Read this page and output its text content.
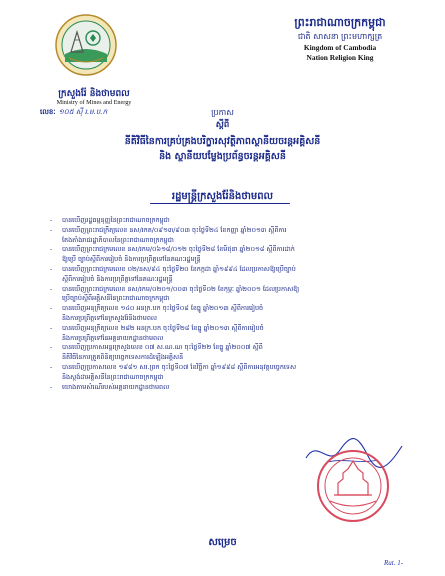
ក្រសួងរ៉ែ និងថាមពល
Ministry of Mines and Energy
លេខៈ ១០៥ ស៊ី រ.ម.ប.ក
ព្រះរាជាណាចក្រកម្ពុជា
ជាតិ សាសនា ព្រះមហាក្សត្រ
Kingdom of Cambodia
Nation Religion King
ប្រកាស
ស្តីពី
នីតិវិធីនៃការគ្រប់គ្រងបរិក្ខារសុវត្ថិភាពស្ថានីយចរន្តអគ្គិសនី
និង ស្ថានីយបម្លែងប្រព័ន្ធចរន្តអគ្គិសនី
រដ្ឋមន្ត្រីក្រសួងរ៉ែនិងថាមពល
- បានឃើញរដ្ឋធម្មនុញ្ញនៃព្រះរាជាណាចក្រកម្ពុជា
- បានឃើញព្រះរាជក្រឹត្យលេខ នស/រកត/០៩១៣/៩០៣ ចុះថ្ងៃទី២៤ ខែកញ្ញា ឆ្នាំ២០១៣ ស្តីពីការ
តែងតាំងរាជរដ្ឋាភិបាលនៃព្រះរាជាណាចក្រកម្ពុជា
- បានឃើញព្រះរាជក្រមលេខ នស/រកម/០៦១៨/០១២ ចុះថ្ងៃទី២៨ ខែមិថុនា ឆ្នាំ២០១៨ ស្តីពីការដាក់
ឱ្យប្រើ ច្បាប់ស្តីពីការរៀបចំ និងការប្រព្រឹត្តទៅនៃគណៈរដ្ឋមន្ត្រី
- បានឃើញព្រះរាជក្រមលេខ ០២/នស/៩៤ ចុះថ្ងៃទី២០ ខែកក្កដា ឆ្នាំ១៩៩៤ ដែលប្រកាសឱ្យប្រើច្បាប់
ស្តីពីការរៀបចំ និងការប្រព្រឹត្តទៅនៃគណៈរដ្ឋមន្ត្រី
- បានឃើញព្រះរាជក្រមលេខ នស/រកម/០២០១/០០៣ ចុះថ្ងៃទី០២ ខែកុម្ភៈ ឆ្នាំ២០០១ ដែលប្រកាសឱ្យ
ប្រើច្បាប់ស្តីពីអគ្គិសនីនៃព្រះរាជាណាចក្រកម្ពុជា
- បានឃើញអនុក្រឹត្យលេខ ១៤០ អនក្រ.បក ចុះថ្ងៃទី០៨ ខែធ្នូ ឆ្នាំ២០១៣ ស្តីពីការរៀបចំ
និងការប្រព្រឹត្តទៅនៃក្រសួងរ៉ែនិងថាមពល
- បានឃើញអនុក្រឹត្យលេខ ២៨២ អនក្រ.បក ចុះថ្ងៃទី២៨ ខែធ្នូ ឆ្នាំ២០១៣ ស្តីពីការរៀបចំ
និងការប្រព្រឹត្តទៅនៃអគ្គនាយកដ្ឋានថាមពល
- បានឃើញប្រកាសអន្តរក្រសួងលេខ ០៧ ស.ណ.ណ ចុះថ្ងៃទី២២ ខែធ្នូ ឆ្នាំ២០០៧ ស្តីពី
នីតិវិធីនៃការត្រួតពិនិត្យបច្ចេកទេសការដំឡើងអគ្គិសនី
- បានឃើញប្រកាសលេខ ១៩៨១ សរ.ព្រក ចុះថ្ងៃទី០៧ ខែវិច្ឆិកា ឆ្នាំ១៩៩៨ ស្តីពីការអនុវត្តបច្ចេកទេស
និងស្តង់ដាអគ្គិសនីនៃព្រះរាជាណាចក្រកម្ពុជា
- យោងតាមសំណើរបស់អគ្គនាយកដ្ឋានថាមពល
សម្រេច
Rut. 1-
